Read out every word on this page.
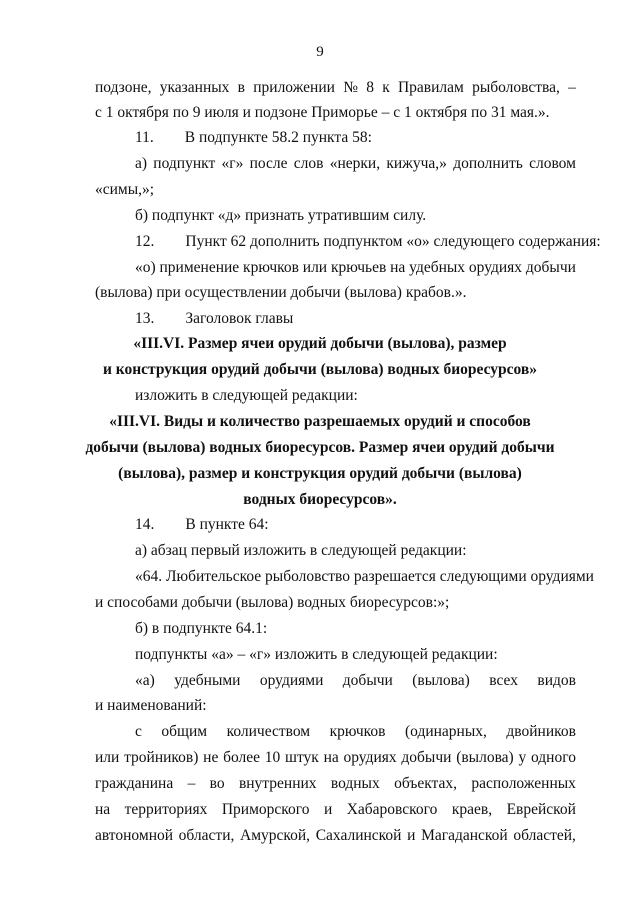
9
подзоне, указанных в приложении № 8 к Правилам рыболовства, –
с 1 октября по 9 июля и подзоне Приморье – с 1 октября по 31 мая.».
11.  В подпункте 58.2 пункта 58:
а) подпункт «г» после слов «нерки, кижуча,» дополнить словом
«симы,»;
б) подпункт «д» признать утратившим силу.
12.  Пункт 62 дополнить подпунктом «о» следующего содержания:
«о) применение крючков или крючьев на удебных орудиях добычи
(вылова) при осуществлении добычи (вылова) крабов.».
13.  Заголовок главы
«III.VI. Размер ячеи орудий добычи (вылова), размер
и конструкция орудий добычи (вылова) водных биоресурсов»
изложить в следующей редакции:
«III.VI. Виды и количество разрешаемых орудий и способов
добычи (вылова) водных биоресурсов. Размер ячеи орудий добычи
(вылова), размер и конструкция орудий добычи (вылова)
водных биоресурсов».
14.  В пункте 64:
а) абзац первый изложить в следующей редакции:
«64. Любительское рыболовство разрешается следующими орудиями
и способами добычи (вылова) водных биоресурсов:»;
б) в подпункте 64.1:
подпункты «а» – «г» изложить в следующей редакции:
«а) удебными орудиями добычи (вылова) всех видов
и наименований:
с общим количеством крючков (одинарных, двойников
или тройников) не более 10 штук на орудиях добычи (вылова) у одного
гражданина – во внутренних водных объектах, расположенных
на территориях Приморского и Хабаровского краев, Еврейской
автономной области, Амурской, Сахалинской и Магаданской областей,
